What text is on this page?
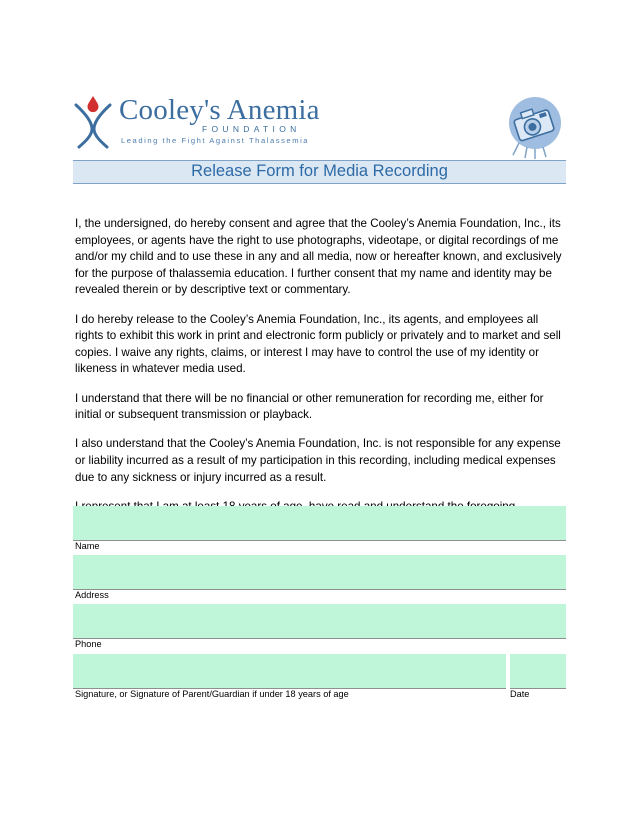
Cooley's Anemia
FOUNDATION
Leading the Fight Against Thalassemia
Release Form for Media Recording

I, the undersigned, do hereby consent and agree that the Cooley’s Anemia Foundation, Inc., its employees, or agents have the right to use photographs, videotape, or digital recordings of me and/or my child and to use these in any and all media, now or hereafter known, and exclusively for the purpose of thalassemia education. I further consent that my name and identity may be revealed therein or by descriptive text or commentary.

I do hereby release to the Cooley’s Anemia Foundation, Inc., its agents, and employees all rights to exhibit this work in print and electronic form publicly or privately and to market and sell copies. I waive any rights, claims, or interest I may have to control the use of my identity or likeness in whatever media used.

I understand that there will be no financial or other remuneration for recording me, either for initial or subsequent transmission or playback.

I also understand that the Cooley’s Anemia Foundation, Inc. is not responsible for any expense or liability incurred as a result of my participation in this recording, including medical expenses due to any sickness or injury incurred as a result.

Name
Address
Phone
Signature, or Signature of Parent/Guardian if under 18 years of age	Date
